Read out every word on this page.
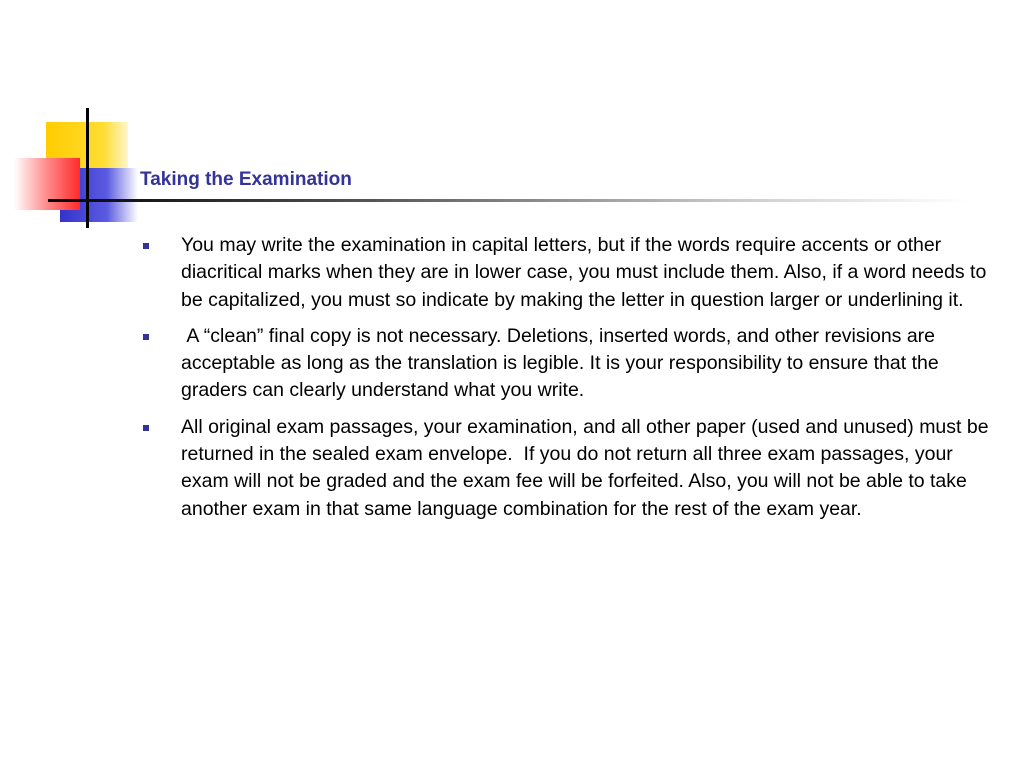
Taking the Examination
You may write the examination in capital letters, but if the words require accents or other diacritical marks when they are in lower case, you must include them. Also, if a word needs to be capitalized, you must so indicate by making the letter in question larger or underlining it.
A “clean” final copy is not necessary. Deletions, inserted words, and other revisions are acceptable as long as the translation is legible. It is your responsibility to ensure that the graders can clearly understand what you write.
All original exam passages, your examination, and all other paper (used and unused) must be returned in the sealed exam envelope.  If you do not return all three exam passages, your exam will not be graded and the exam fee will be forfeited. Also, you will not be able to take another exam in that same language combination for the rest of the exam year.
